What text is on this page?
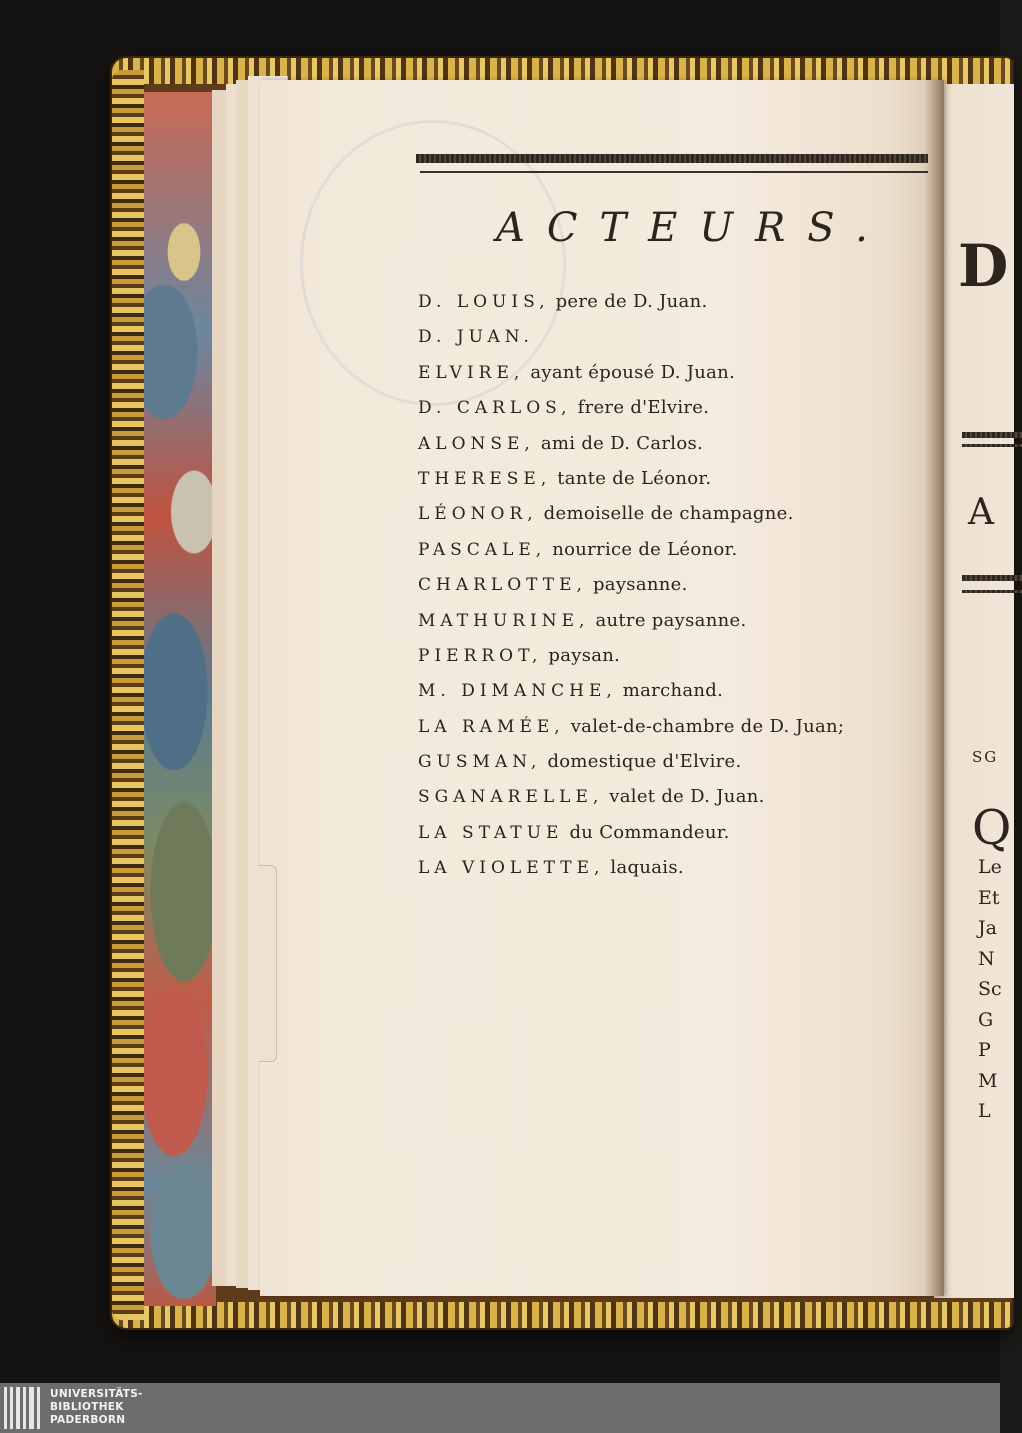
ACTEURS.
D. LOUIS, pere de D. Juan.
D. JUAN.
ELVIRE, ayant épousé D. Juan.
D. CARLOS, frere d'Elvire.
ALONSE, ami de D. Carlos.
THERESE, tante de Léonor.
LÉONOR, demoiselle de champagne.
PASCALE, nourrice de Léonor.
CHARLOTTE, paysanne.
MATHURINE, autre paysanne.
PIERROT, paysan.
M. DIMANCHE, marchand.
LA RAMÉE, valet-de-chambre de D. Juan;
GUSMAN, domestique d'Elvire.
SGANARELLE, valet de D. Juan.
LA STATUE du Commandeur.
LA VIOLETTE, laquais.
D
A
SG
Q
Le
Et
Ja
N
Sc
G
P
M
L
UNIVERSITÄTS-
BIBLIOTHEK
PADERBORN
